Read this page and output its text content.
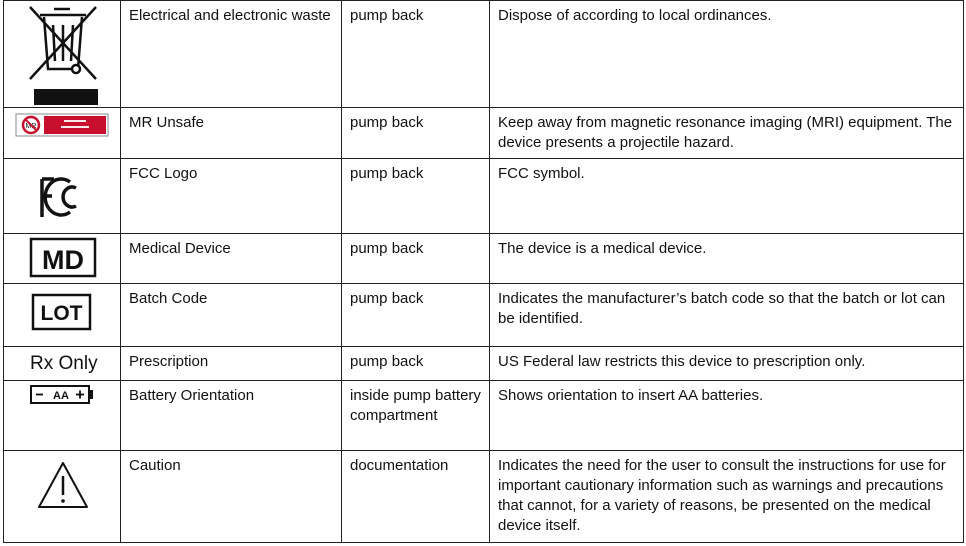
	Electrical and electronic waste	pump back	Dispose of according to local ordinances.

MR	MR Unsafe	pump back	Keep away from magnetic resonance imaging (MRI) equipment. The device presents a projectile hazard.

	FCC Logo	pump back	FCC symbol.

MD	Medical Device	pump back	The device is a medical device.

LOT	Batch Code	pump back	Indicates the manufacturer’s batch code so that the batch or lot can be identified.

Rx Only	Prescription	pump back	US Federal law restricts this device to prescription only.

AA	Battery Orientation	inside pump battery compartment	Shows orientation to insert AA batteries.

	Caution	documentation	Indicates the need for the user to consult the instructions for use for important cautionary information such as warnings and precautions that cannot, for a variety of reasons, be presented on the medical device itself.
